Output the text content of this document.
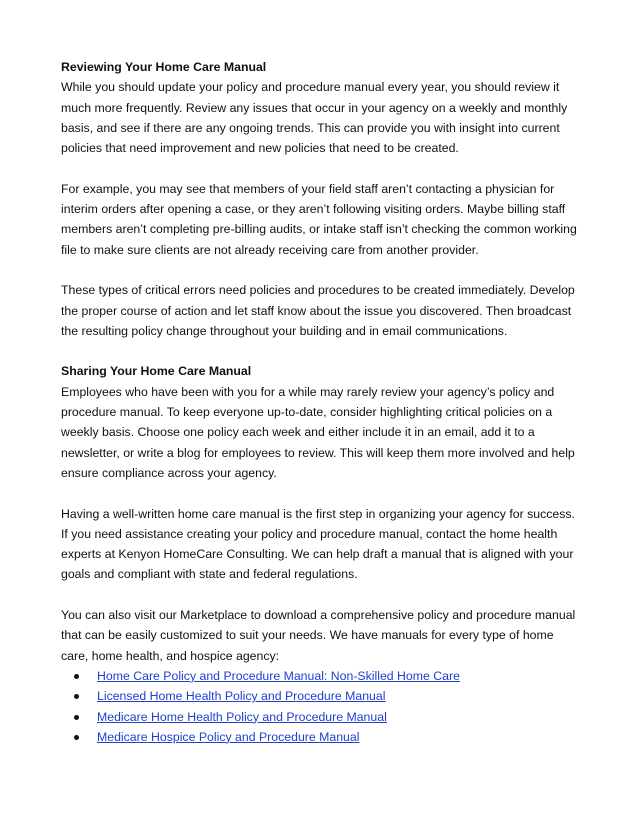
Reviewing Your Home Care Manual

While you should update your policy and procedure manual every year, you should review it much more frequently. Review any issues that occur in your agency on a weekly and monthly basis, and see if there are any ongoing trends. This can provide you with insight into current policies that need improvement and new policies that need to be created.

For example, you may see that members of your field staff aren’t contacting a physician for interim orders after opening a case, or they aren’t following visiting orders. Maybe billing staff members aren’t completing pre-billing audits, or intake staff isn’t checking the common working file to make sure clients are not already receiving care from another provider.

These types of critical errors need policies and procedures to be created immediately. Develop the proper course of action and let staff know about the issue you discovered. Then broadcast the resulting policy change throughout your building and in email communications.

Sharing Your Home Care Manual

Employees who have been with you for a while may rarely review your agency’s policy and procedure manual. To keep everyone up-to-date, consider highlighting critical policies on a weekly basis. Choose one policy each week and either include it in an email, add it to a newsletter, or write a blog for employees to review. This will keep them more involved and help ensure compliance across your agency.

Having a well-written home care manual is the first step in organizing your agency for success. If you need assistance creating your policy and procedure manual, contact the home health experts at Kenyon HomeCare Consulting. We can help draft a manual that is aligned with your goals and compliant with state and federal regulations.

You can also visit our Marketplace to download a comprehensive policy and procedure manual that can be easily customized to suit your needs. We have manuals for every type of home care, home health, and hospice agency:

Home Care Policy and Procedure Manual: Non-Skilled Home Care
Licensed Home Health Policy and Procedure Manual
Medicare Home Health Policy and Procedure Manual
Medicare Hospice Policy and Procedure Manual
